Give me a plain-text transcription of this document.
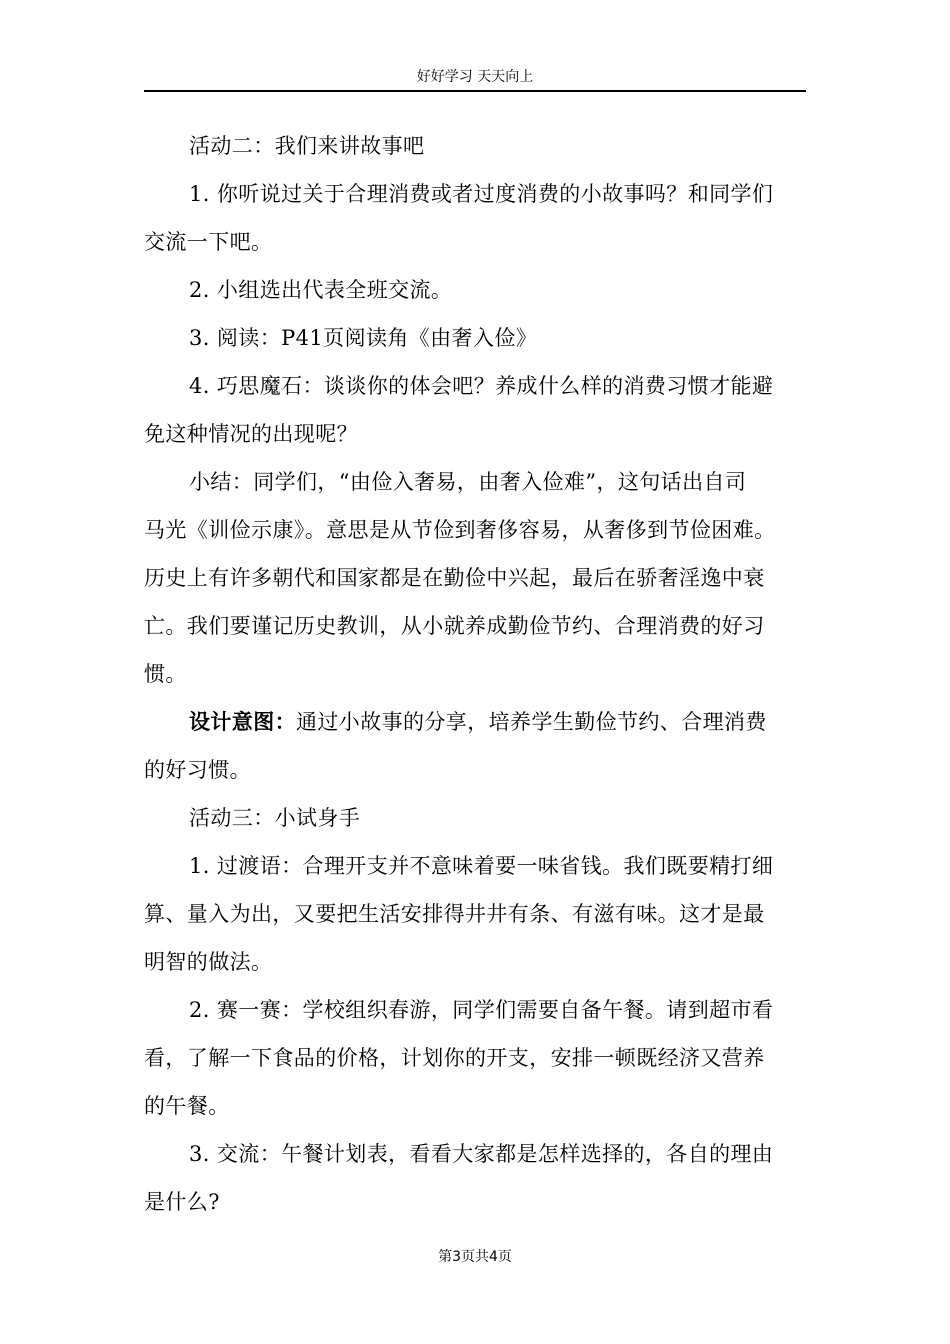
好好学习 天天向上
活动二：我们来讲故事吧
1. 你听说过关于合理消费或者过度消费的小故事吗？和同学们
交流一下吧。
2. 小组选出代表全班交流。
3. 阅读：P41页阅读角《由奢入俭》
4. 巧思魔石：谈谈你的体会吧？养成什么样的消费习惯才能避
免这种情况的出现呢？
小结：同学们，“由俭入奢易，由奢入俭难”，这句话出自司
马光《训俭示康》。意思是从节俭到奢侈容易，从奢侈到节俭困难。
历史上有许多朝代和国家都是在勤俭中兴起，最后在骄奢淫逸中衰
亡。我们要谨记历史教训，从小就养成勤俭节约、合理消费的好习
惯。
设计意图：通过小故事的分享，培养学生勤俭节约、合理消费
的好习惯。
活动三：小试身手
1. 过渡语：合理开支并不意味着要一味省钱。我们既要精打细
算、量入为出，又要把生活安排得井井有条、有滋有味。这才是最
明智的做法。
2. 赛一赛：学校组织春游，同学们需要自备午餐。请到超市看
看，了解一下食品的价格，计划你的开支，安排一顿既经济又营养
的午餐。
3. 交流：午餐计划表，看看大家都是怎样选择的，各自的理由
是什么?
第3页共4页
